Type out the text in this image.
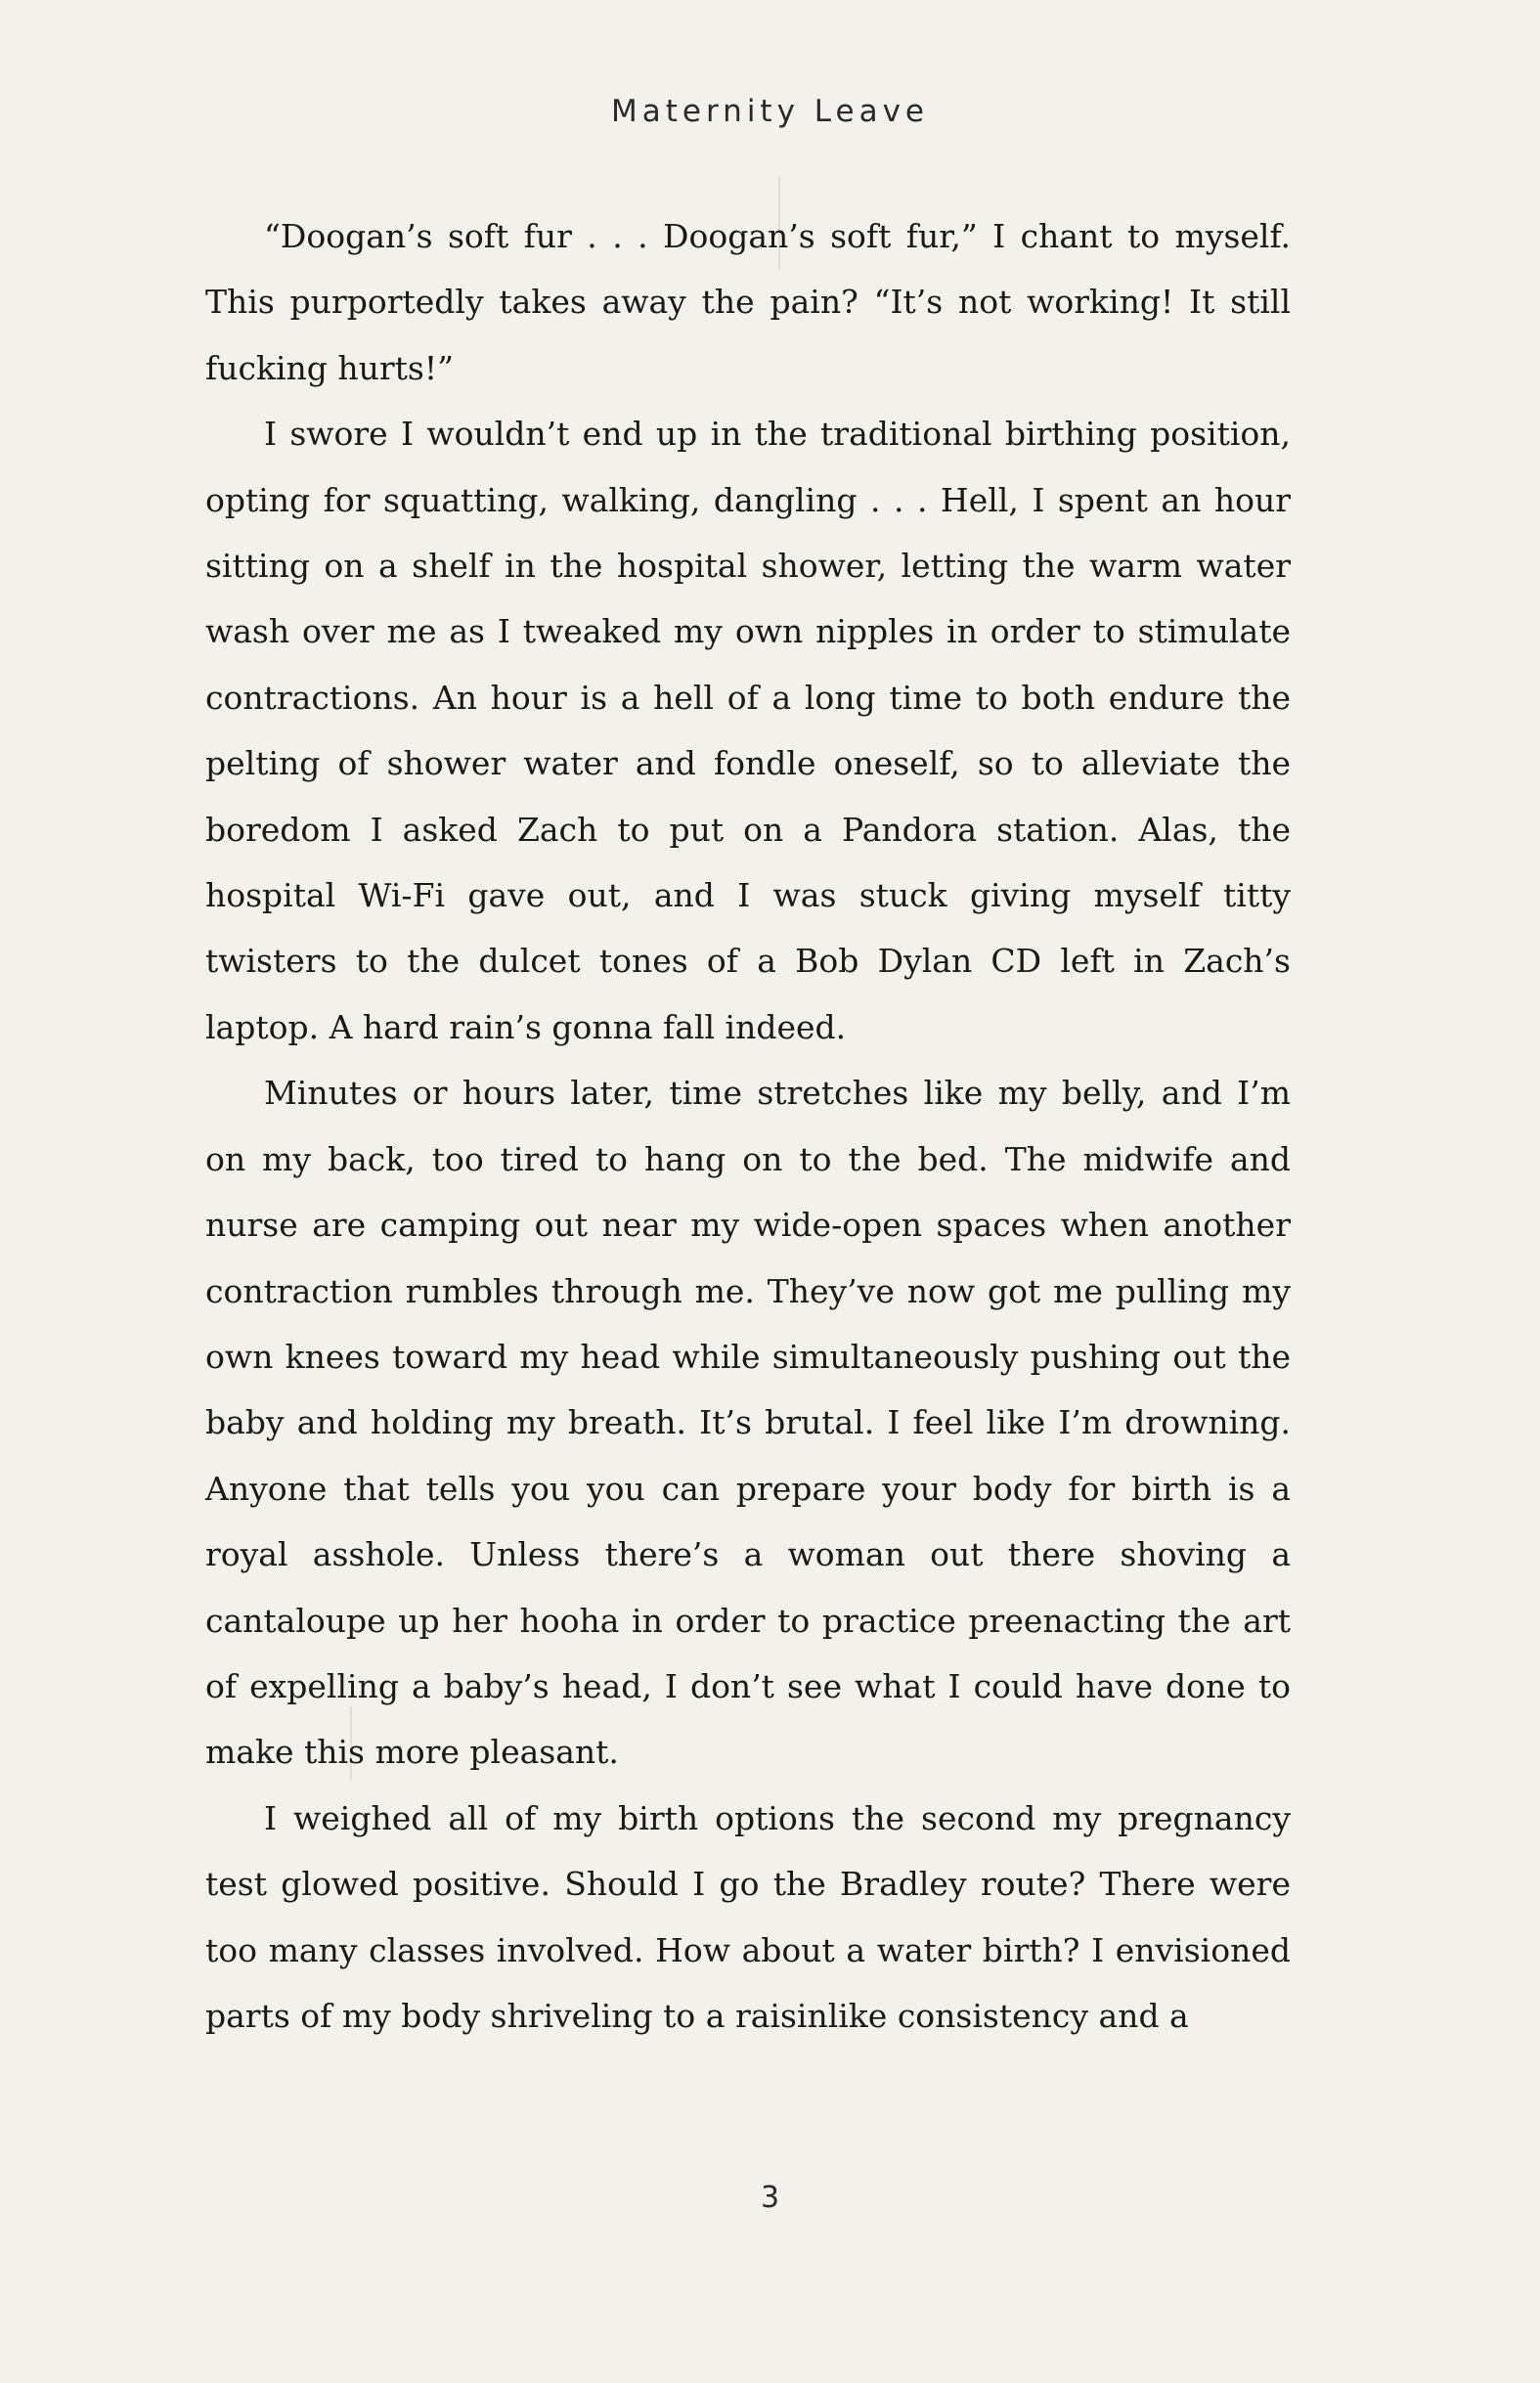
Maternity Leave

“Doogan’s soft fur . . . Doogan’s soft fur,” I chant to myself. This purportedly takes away the pain? “It’s not working! It still fucking hurts!”

I swore I wouldn’t end up in the traditional birthing position, opting for squatting, walking, dangling . . . Hell, I spent an hour sitting on a shelf in the hospital shower, letting the warm water wash over me as I tweaked my own nipples in order to stimulate contractions. An hour is a hell of a long time to both endure the pelting of shower water and fondle oneself, so to alleviate the boredom I asked Zach to put on a Pandora station. Alas, the hospital Wi-Fi gave out, and I was stuck giving myself titty twisters to the dulcet tones of a Bob Dylan CD left in Zach’s laptop. A hard rain’s gonna fall indeed.

Minutes or hours later, time stretches like my belly, and I’m on my back, too tired to hang on to the bed. The midwife and nurse are camping out near my wide-open spaces when another contraction rumbles through me. They’ve now got me pulling my own knees toward my head while simultaneously pushing out the baby and holding my breath. It’s brutal. I feel like I’m drowning. Anyone that tells you you can prepare your body for birth is a royal asshole. Unless there’s a woman out there shoving a cantaloupe up her hooha in order to practice preenacting the art of expelling a baby’s head, I don’t see what I could have done to make this more pleasant.

I weighed all of my birth options the second my pregnancy test glowed positive. Should I go the Bradley route? There were too many classes involved. How about a water birth? I envisioned parts of my body shriveling to a raisinlike consistency and a

3
